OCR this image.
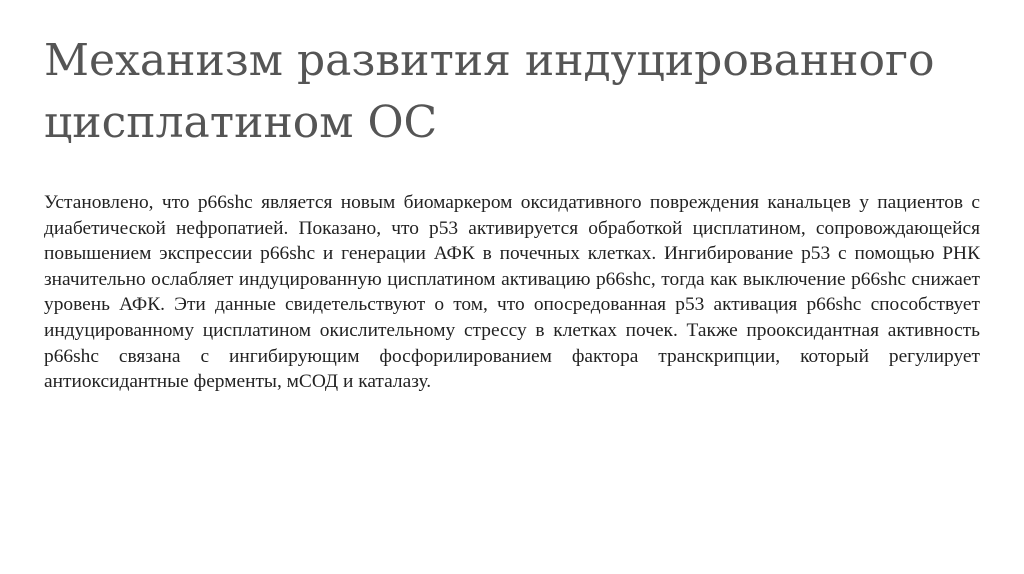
Механизм развития индуцированного цисплатином ОС

Установлено, что p66shc является новым биомаркером оксидативного повреждения канальцев у пациентов с диабетической нефропатией. Показано, что p53 активируется обработкой цисплатином, сопровождающейся повышением экспрессии p66shc и генерации АФК в почечных клетках. Ингибирование p53 с помощью РНК значительно ослабляет индуцированную цисплатином активацию p66shc, тогда как выключение p66shc снижает уровень АФК. Эти данные свидетельствуют о том, что опосредованная p53 активация p66shc способствует индуцированному цисплатином окислительному стрессу в клетках почек. Также прооксидантная активность p66shc связана с ингибирующим фосфорилированием фактора транскрипции, который регулирует антиоксидантные ферменты, мСОД и каталазу.
